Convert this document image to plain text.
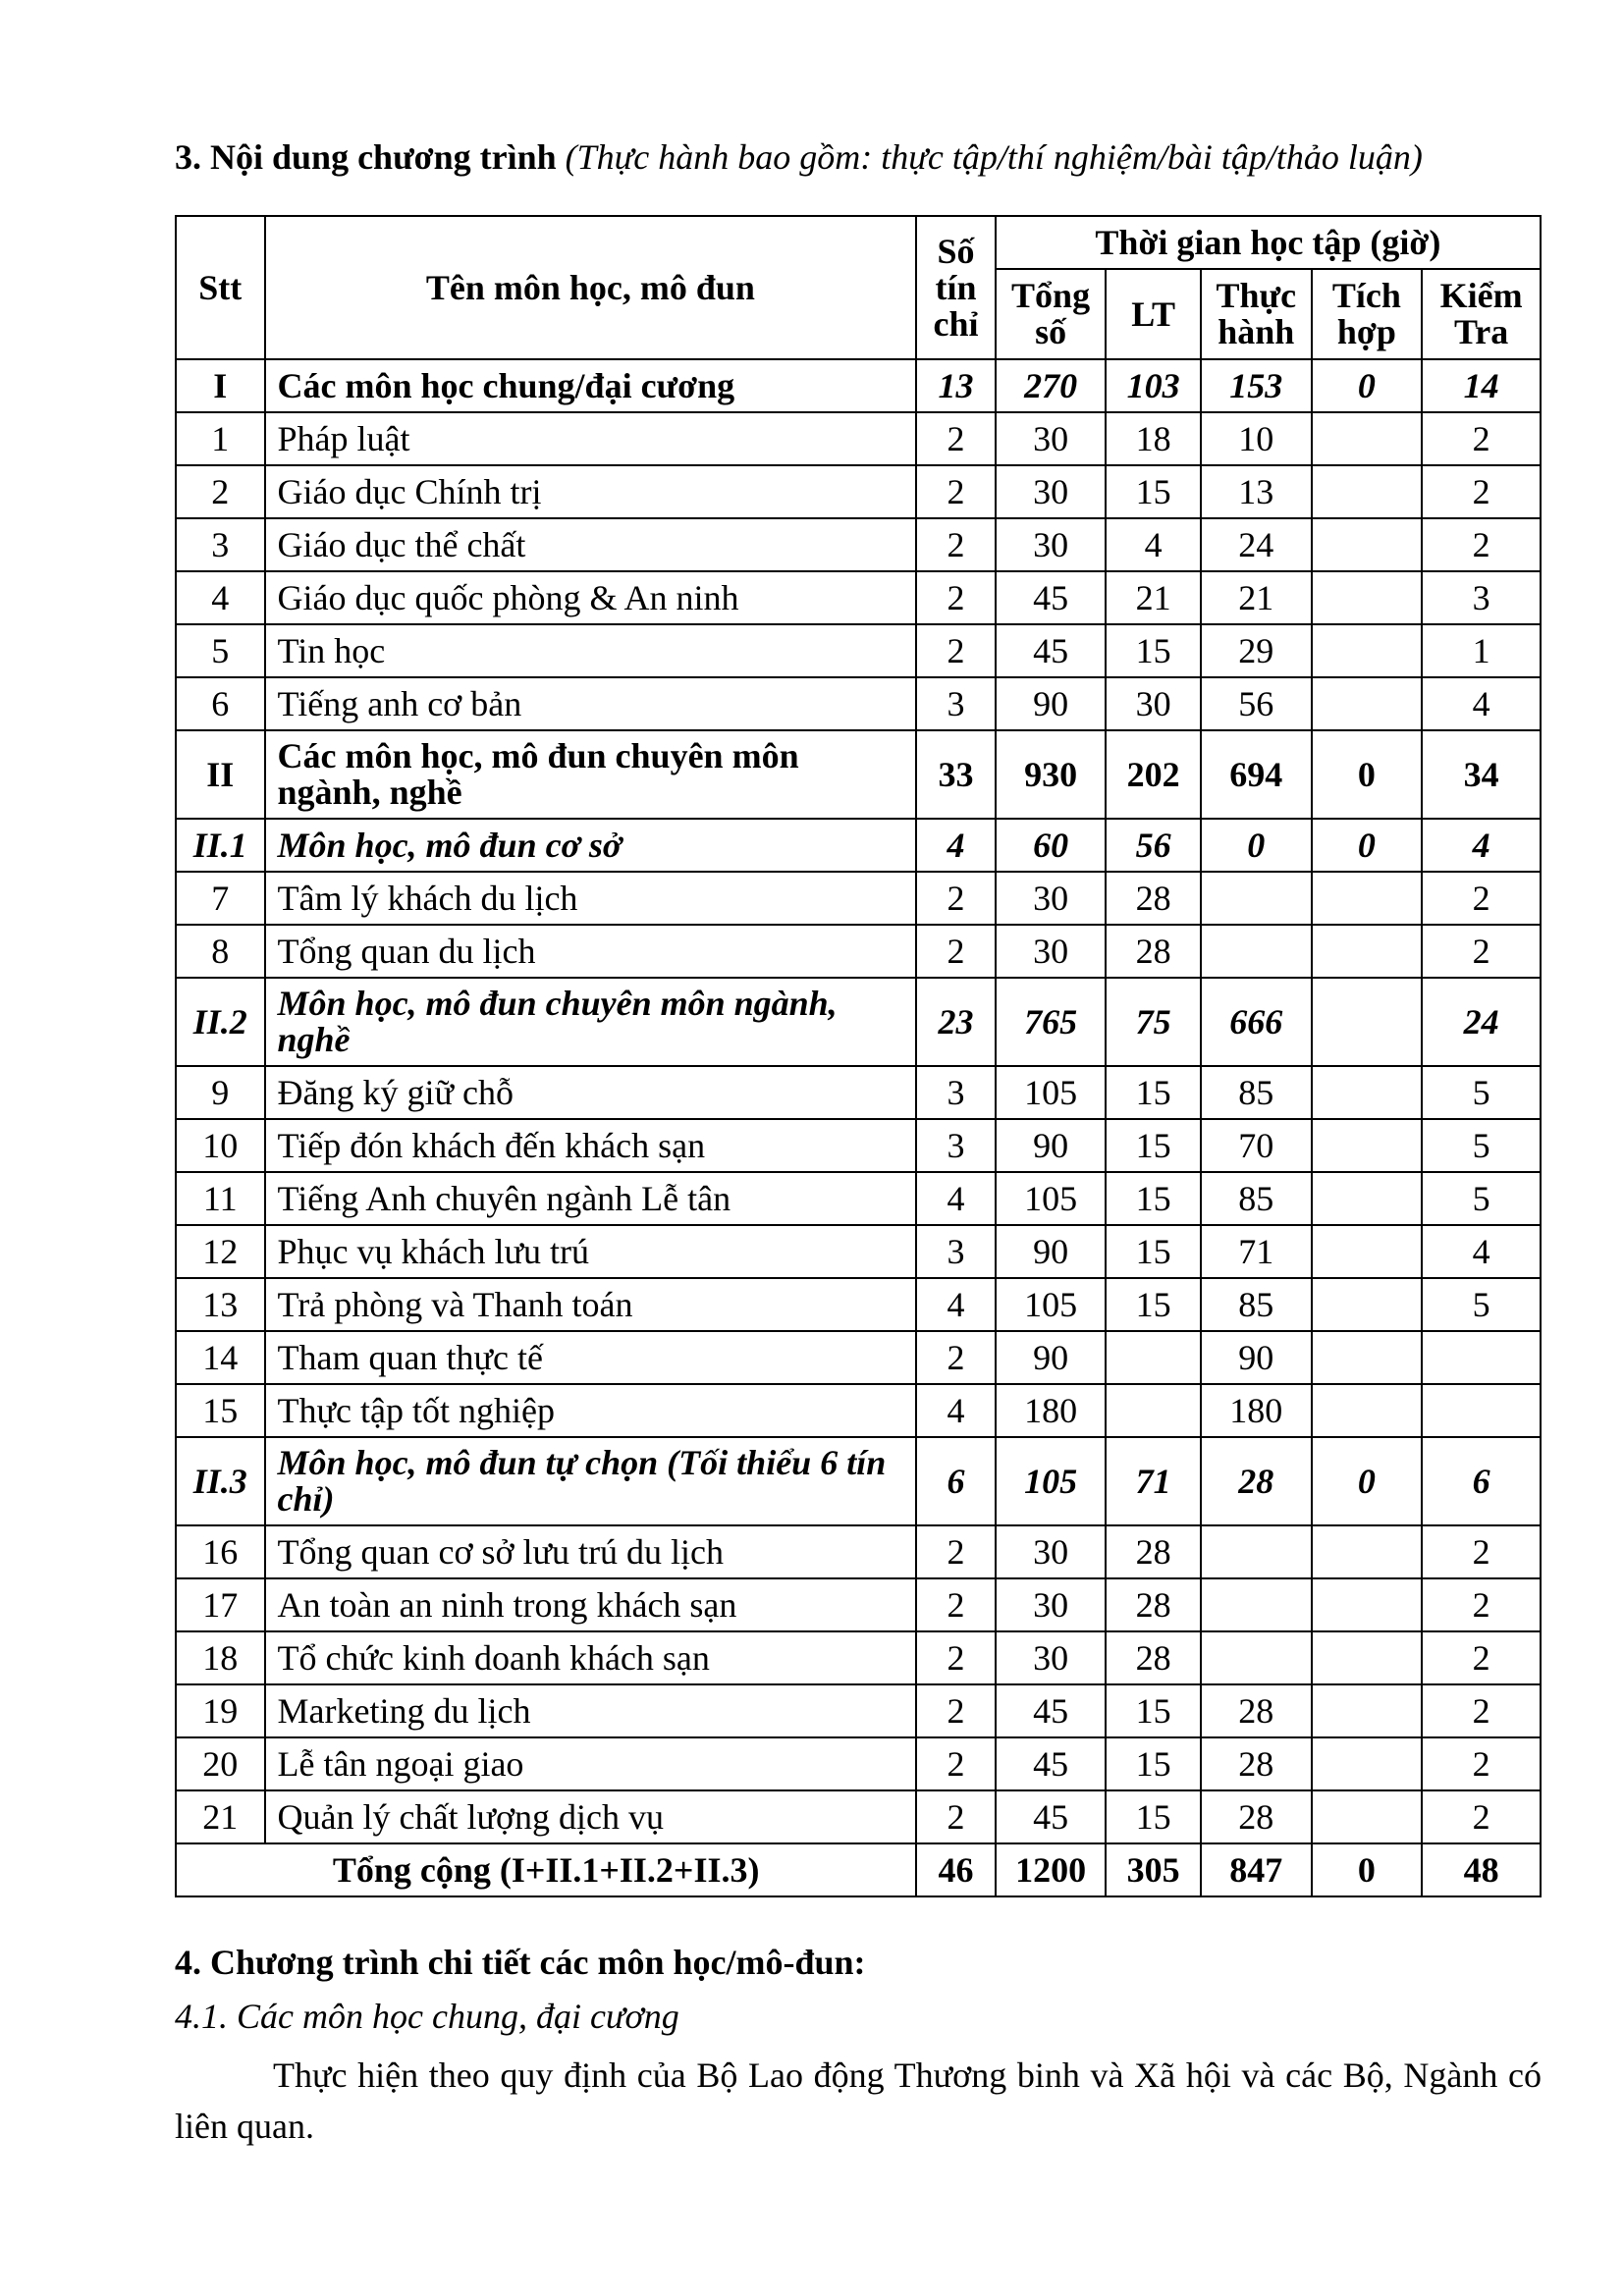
3. Nội dung chương trình (Thực hành bao gồm: thực tập/thí nghiệm/bài tập/thảo luận)
Stt	Tên môn học, mô đun	Số tín chỉ	Thời gian học tập (giờ)				
			Tổng số	LT	Thực hành	Tích hợp	Kiểm Tra
I	Các môn học chung/đại cương	13	270	103	153	0	14
1	Pháp luật	2	30	18	10		2
2	Giáo dục Chính trị	2	30	15	13		2
3	Giáo dục thể chất	2	30	4	24		2
4	Giáo dục quốc phòng & An ninh	2	45	21	21		3
5	Tin học	2	45	15	29		1
6	Tiếng anh cơ bản	3	90	30	56		4
II	Các môn học, mô đun chuyên môn ngành, nghề	33	930	202	694	0	34
II.1	Môn học, mô đun cơ sở	4	60	56	0	0	4
7	Tâm lý khách du lịch	2	30	28			2
8	Tổng quan du lịch	2	30	28			2
II.2	Môn học, mô đun chuyên môn ngành, nghề	23	765	75	666		24
9	Đăng ký giữ chỗ	3	105	15	85		5
10	Tiếp đón khách đến khách sạn	3	90	15	70		5
11	Tiếng Anh chuyên ngành Lễ tân	4	105	15	85		5
12	Phục vụ khách lưu trú	3	90	15	71		4
13	Trả phòng và Thanh toán	4	105	15	85		5
14	Tham quan thực tế	2	90		90		
15	Thực tập tốt nghiệp	4	180		180		
II.3	Môn học, mô đun tự chọn (Tối thiểu 6 tín chỉ)	6	105	71	28	0	6
16	Tổng quan cơ sở lưu trú du lịch	2	30	28			2
17	An toàn an ninh trong khách sạn	2	30	28			2
18	Tổ chức kinh doanh khách sạn	2	30	28			2
19	Marketing du lịch	2	45	15	28		2
20	Lễ tân ngoại giao	2	45	15	28		2
21	Quản lý chất lượng dịch vụ	2	45	15	28		2
Tổng cộng (I+II.1+II.2+II.3)		46	1200	305	847	0	48
4. Chương trình chi tiết các môn học/mô-đun:
4.1. Các môn học chung, đại cương
Thực hiện theo quy định của Bộ Lao động Thương binh và Xã hội và các Bộ, Ngành có liên quan.
